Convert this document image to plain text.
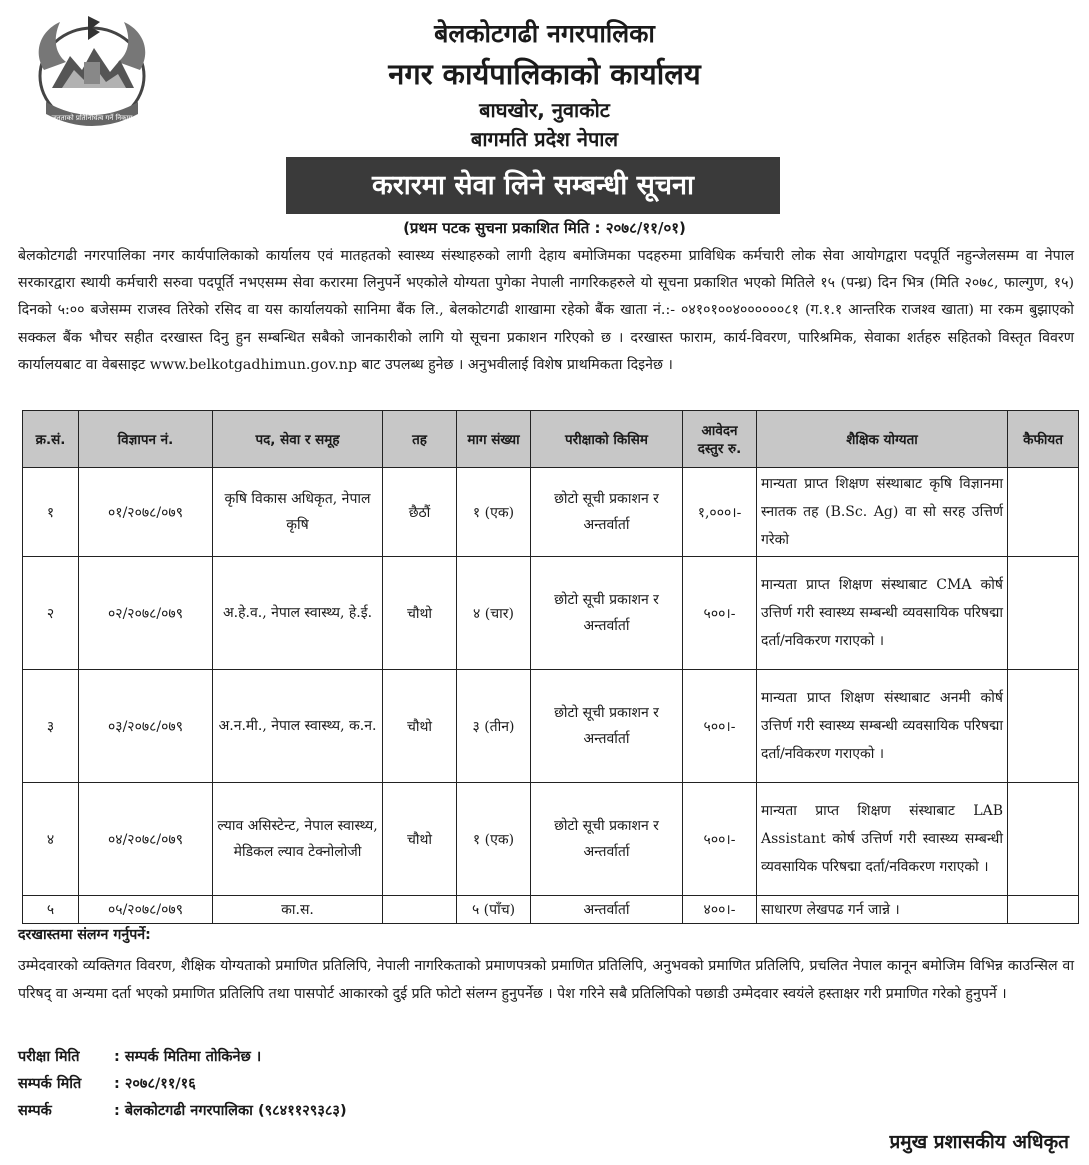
जनताको प्रतिनिधित्व गर्ने निकाय
बेलकोटगढी नगरपालिका
नगर कार्यपालिकाको कार्यालय
बाघखोर, नुवाकोट
बागमति प्रदेश नेपाल
करारमा सेवा लिने सम्बन्धी सूचना
(प्रथम पटक सुचना प्रकाशित मिति : २०७८/११/०१)
बेलकोटगढी नगरपालिका नगर कार्यपालिकाको कार्यालय एवं मातहतको स्वास्थ्य संस्थाहरुको लागी देहाय बमोजिमका पदहरुमा प्राविधिक कर्मचारी लोक सेवा आयोगद्वारा पदपूर्ति नहुन्जेलसम्म वा नेपाल सरकारद्वारा स्थायी कर्मचारी सरुवा पदपूर्ति नभएसम्म सेवा करारमा लिनुपर्ने भएकोले योग्यता पुगेका नेपाली नागरिकहरुले यो सूचना प्रकाशित भएको मितिले १५ (पन्ध्र) दिन भित्र (मिति २०७८, फाल्गुण, १५) दिनको ५:०० बजेसम्म राजस्व तिरेको रसिद वा यस कार्यालयको सानिमा बैंक लि., बेलकोटगढी शाखामा रहेको बैंक खाता नं.:- ०४१०१००४००००००८१ (ग.१.१ आन्तरिक राजश्व खाता) मा रकम बुझाएको सक्कल बैंक भौचर सहीत दरखास्त दिनु हुन सम्बन्धित सबैको जानकारीको लागि यो सूचना प्रकाशन गरिएको छ । दरखास्त फाराम, कार्य-विवरण, पारिश्रमिक, सेवाका शर्तहरु सहितको विस्तृत विवरण कार्यालयबाट वा वेबसाइट www.belkotgadhimun.gov.np बाट उपलब्ध हुनेछ । अनुभवीलाई विशेष प्राथमिकता दिइनेछ ।
क्र.सं.	विज्ञापन नं.	पद, सेवा र समूह	तह	माग संख्या	परीक्षाको किसिम	आवेदन दस्तुर रु.	शैक्षिक योग्यता	कैफीयत
१	०१/२०७८/०७९	कृषि विकास अधिकृत, नेपाल कृषि	छैठौं	१ (एक)	छोटो सूची प्रकाशन र अन्तर्वार्ता	१,०००।-	मान्यता प्राप्त शिक्षण संस्थाबाट कृषि विज्ञानमा स्नातक तह (B.Sc. Ag) वा सो सरह उत्तिर्ण गरेको	
२	०२/२०७८/०७९	अ.हे.व., नेपाल स्वास्थ्य, हे.ई.	चौथो	४ (चार)	छोटो सूची प्रकाशन र अन्तर्वार्ता	५००।-	मान्यता प्राप्त शिक्षण संस्थाबाट CMA कोर्ष उत्तिर्ण गरी स्वास्थ्य सम्बन्धी व्यवसायिक परिषद्मा दर्ता/नविकरण गराएको ।	
३	०३/२०७८/०७९	अ.न.मी., नेपाल स्वास्थ्य, क.न.	चौथो	३ (तीन)	छोटो सूची प्रकाशन र अन्तर्वार्ता	५००।-	मान्यता प्राप्त शिक्षण संस्थाबाट अनमी कोर्ष उत्तिर्ण गरी स्वास्थ्य सम्बन्धी व्यवसायिक परिषद्मा दर्ता/नविकरण गराएको ।	
४	०४/२०७८/०७९	ल्याव असिस्टेन्ट, नेपाल स्वास्थ्य, मेडिकल ल्याव टेक्नोलोजी	चौथो	१ (एक)	छोटो सूची प्रकाशन र अन्तर्वार्ता	५००।-	मान्यता प्राप्त शिक्षण संस्थाबाट LAB Assistant कोर्ष उत्तिर्ण गरी स्वास्थ्य सम्बन्धी व्यवसायिक परिषद्मा दर्ता/नविकरण गराएको ।	
५	०५/२०७८/०७९	का.स.		५ (पाँच)	अन्तर्वार्ता	४००।-	साधारण लेखपढ गर्न जान्ने ।	
दरखास्तमा संलग्न गर्नुपर्ने:
उम्मेदवारको व्यक्तिगत विवरण, शैक्षिक योग्यताको प्रमाणित प्रतिलिपि, नेपाली नागरिकताको प्रमाणपत्रको प्रमाणित प्रतिलिपि, अनुभवको प्रमाणित प्रतिलिपि, प्रचलित नेपाल कानून बमोजिम विभिन्न काउन्सिल वा परिषद् वा अन्यमा दर्ता भएको प्रमाणित प्रतिलिपि तथा पासपोर्ट आकारको दुई प्रति फोटो संलग्न हुनुपर्नेछ । पेश गरिने सबै प्रतिलिपिको पछाडी उम्मेदवार स्वयंले हस्ताक्षर गरी प्रमाणित गरेको हुनुपर्ने ।
परीक्षा मिति : सम्पर्क मितिमा तोकिनेछ ।
सम्पर्क मिति : २०७८/११/१६
सम्पर्क	: बेलकोटगढी नगरपालिका (९८४११२९३८३)
प्रमुख प्रशासकीय अधिकृत
